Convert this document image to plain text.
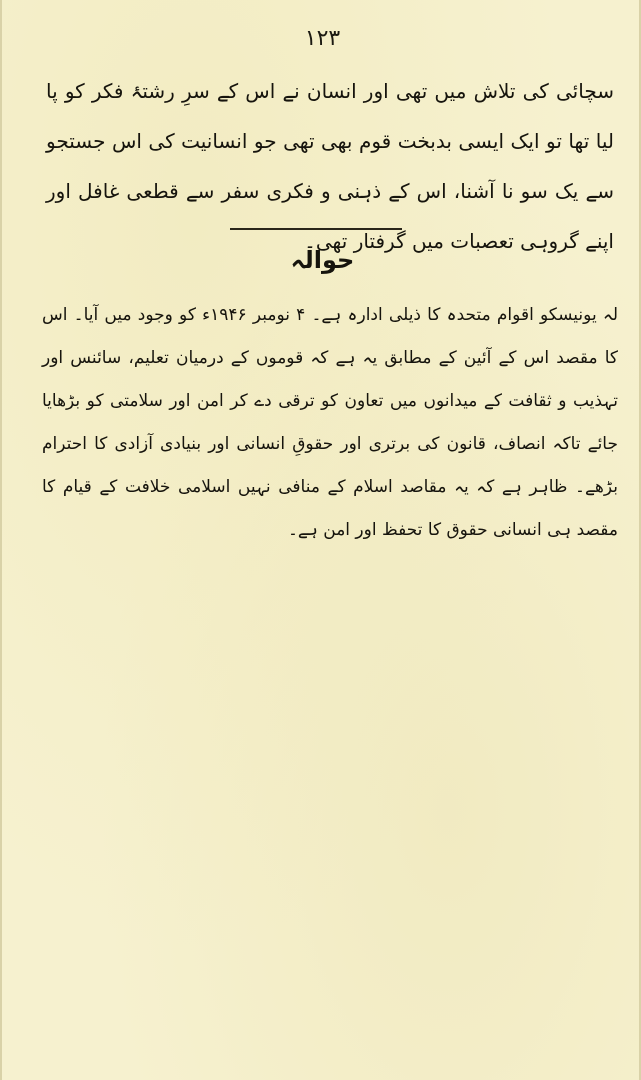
۱۲۳

سچائی کی تلاش میں تھی اور انسان نے اس کے سرِ رشتۂ فکر کو پا لیا تھا تو ایک ایسی بدبخت قوم بھی تھی جو انسانیت کی اس جستجو سے یک سو نا آشنا، اس کے ذہنی و فکری سفر سے قطعی غافل اور اپنے گروہی تعصبات میں گرفتار تھی۔

حوالہ

لہ یونیسکو اقوام متحدہ کا ذیلی ادارہ ہے۔ ۴ نومبر ۱۹۴۶ء کو وجود میں آیا۔ اس کا مقصد اس کے آئین کے مطابق یہ ہے کہ قوموں کے درمیان تعلیم، سائنس اور تہذیب و ثقافت کے میدانوں میں تعاون کو ترقی دے کر امن اور سلامتی کو بڑھایا جائے تاکہ انصاف، قانون کی برتری اور حقوقِ انسانی اور بنیادی آزادی کا احترام بڑھے۔ ظاہر ہے کہ یہ مقاصد اسلام کے منافی نہیں اسلامی خلافت کے قیام کا مقصد ہی انسانی حقوق کا تحفظ اور امن ہے۔
